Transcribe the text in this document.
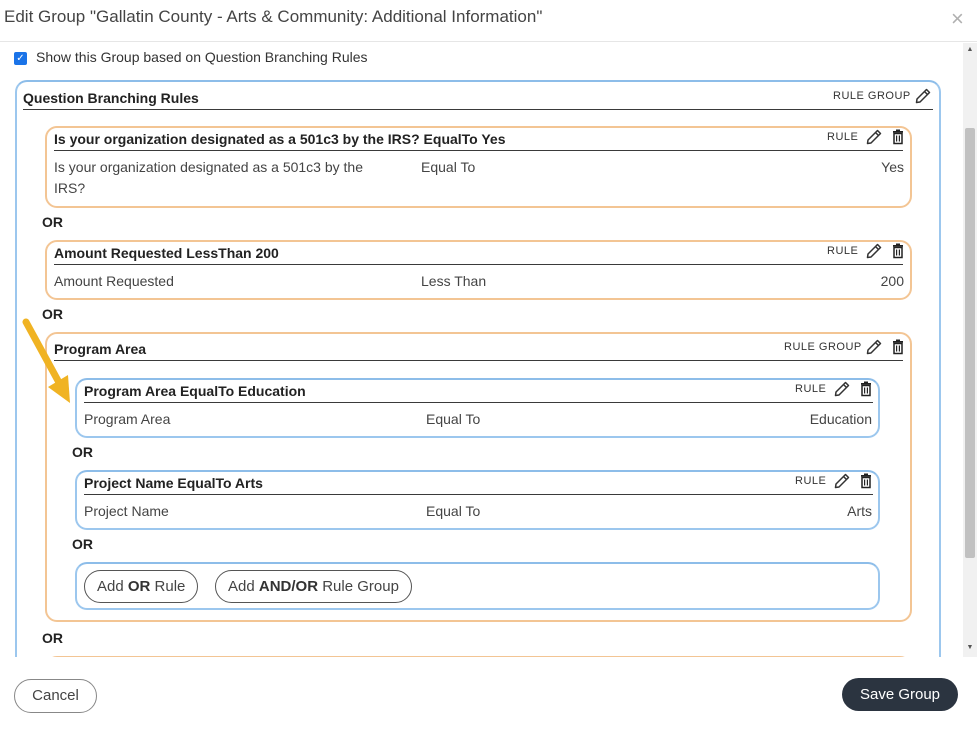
Edit Group "Gallatin County - Arts & Community: Additional Information"	×
✓ Show this Group based on Question Branching Rules
Question Branching Rules	RULE GROUP
Is your organization designated as a 501c3 by the IRS? EqualTo Yes	RULE
Is your organization designated as a 501c3 by the IRS?
Equal To	Yes
OR
Amount Requested LessThan 200	RULE
Amount Requested	Less Than	200
OR
Program Area	RULE GROUP
Program Area EqualTo Education	RULE
Program Area	Equal To	Education
OR
Project Name EqualTo Arts	RULE
Project Name	Equal To	Arts
OR
Add OR Rule	Add AND/OR Rule Group
OR
▲
▼
Cancel	Save Group
